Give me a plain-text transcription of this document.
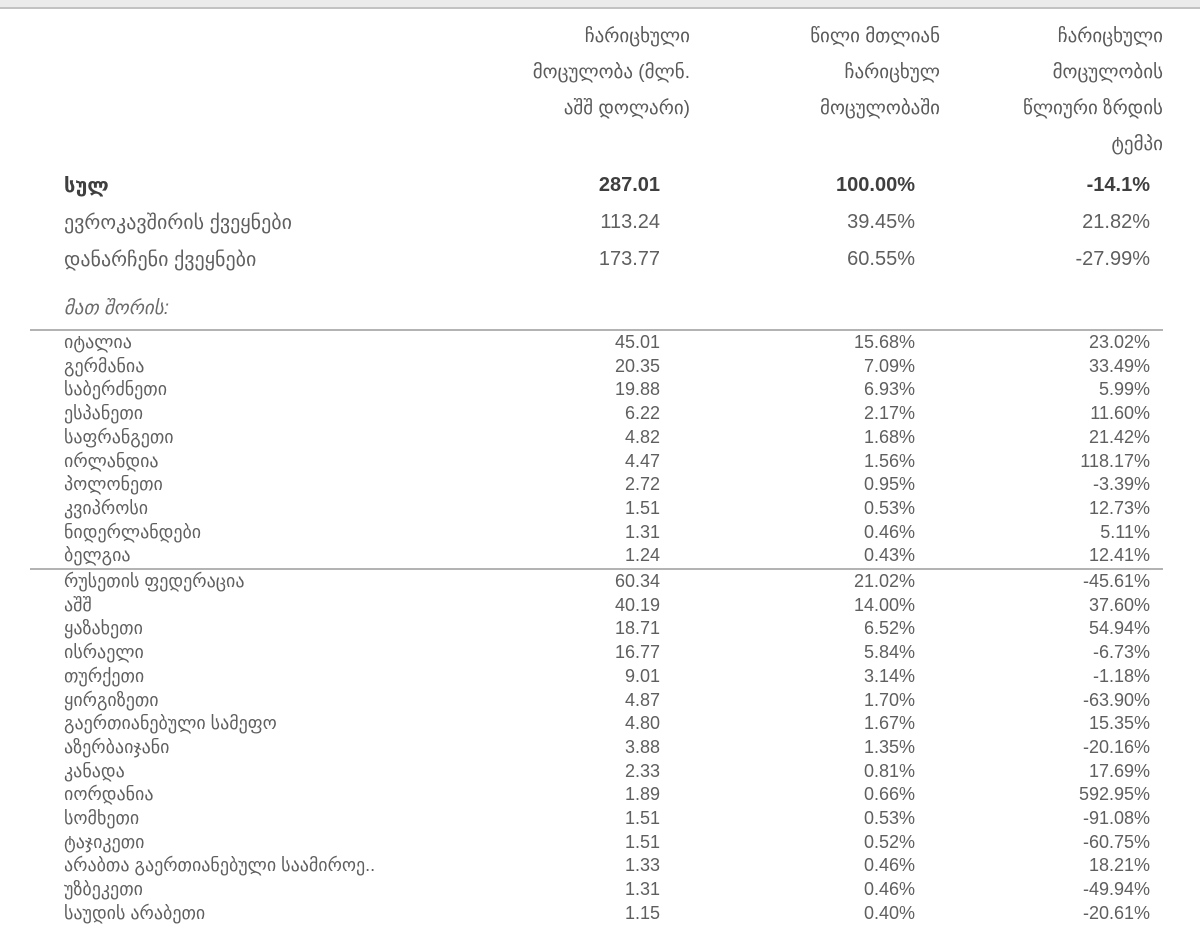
ჩარიცხული
მოცულობა (მლნ.
აშშ დოლარი)

წილი მთლიან
ჩარიცხულ
მოცულობაში

ჩარიცხული
მოცულობის
წლიური ზრდის
ტემპი

სულ	287.01	100.00%	-14.1%
ევროკავშირის ქვეყნები	113.24	39.45%	21.82%
დანარჩენი ქვეყნები	173.77	60.55%	-27.99%
მათ შორის:			
იტალია	45.01	15.68%	23.02%
გერმანია	20.35	7.09%	33.49%
საბერძნეთი	19.88	6.93%	5.99%
ესპანეთი	6.22	2.17%	11.60%
საფრანგეთი	4.82	1.68%	21.42%
ირლანდია	4.47	1.56%	118.17%
პოლონეთი	2.72	0.95%	-3.39%
კვიპროსი	1.51	0.53%	12.73%
ნიდერლანდები	1.31	0.46%	5.11%
ბელგია	1.24	0.43%	12.41%
რუსეთის ფედერაცია	60.34	21.02%	-45.61%
აშშ	40.19	14.00%	37.60%
ყაზახეთი	18.71	6.52%	54.94%
ისრაელი	16.77	5.84%	-6.73%
თურქეთი	9.01	3.14%	-1.18%
ყირგიზეთი	4.87	1.70%	-63.90%
გაერთიანებული სამეფო	4.80	1.67%	15.35%
აზერბაიჯანი	3.88	1.35%	-20.16%
კანადა	2.33	0.81%	17.69%
იორდანია	1.89	0.66%	592.95%
სომხეთი	1.51	0.53%	-91.08%
ტაჯიკეთი	1.51	0.52%	-60.75%
არაბთა გაერთიანებული საამიროე..	1.33	0.46%	18.21%
უზბეკეთი	1.31	0.46%	-49.94%
საუდის არაბეთი	1.15	0.40%	-20.61%
